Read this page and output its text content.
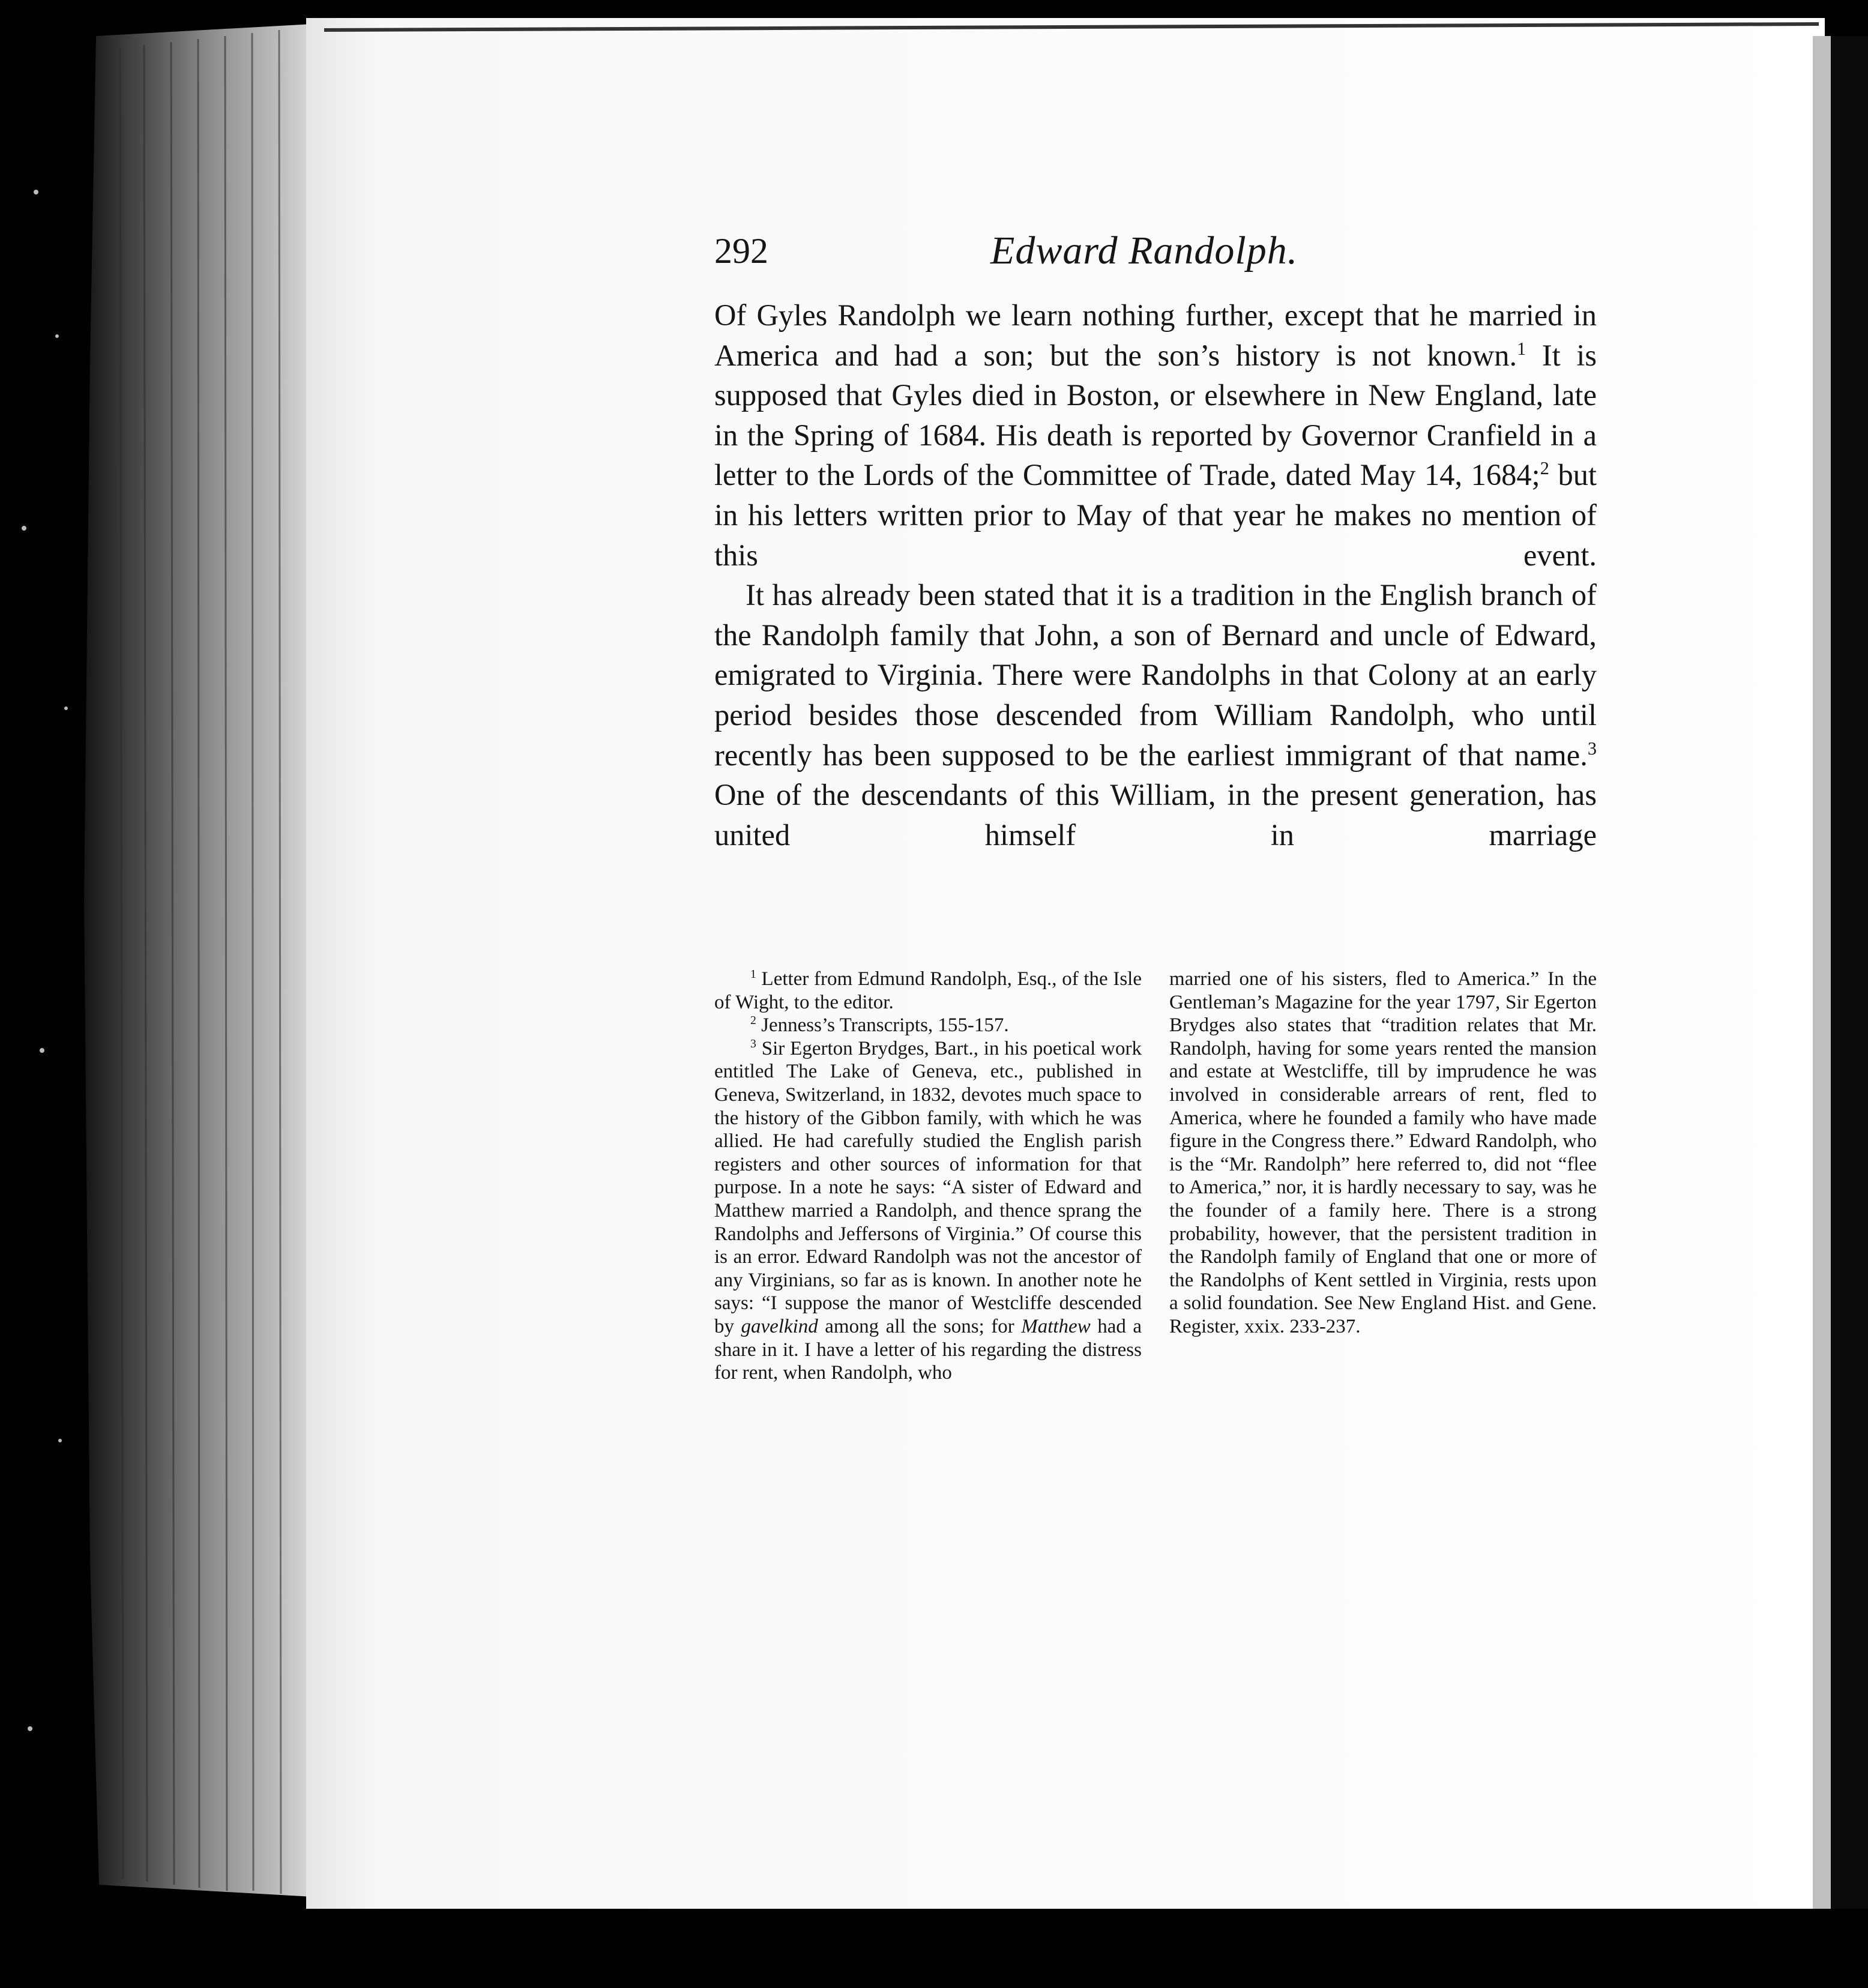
292	Edward Randolph.

Of Gyles Randolph we learn nothing further, except that he married in America and had a son; but the son’s history is not known.$^1$ It is supposed that Gyles died in Boston, or elsewhere in New England, late in the Spring of 1684. His death is reported by Governor Cranfield in a letter to the Lords of the Committee of Trade, dated May 14, 1684;$^2$ but in his letters written prior to May of that year he makes no mention of this event.

It has already been stated that it is a tradition in the English branch of the Randolph family that John, a son of Bernard and uncle of Edward, emigrated to Virginia. There were Randolphs in that Colony at an early period besides those descended from William Randolph, who until recently has been supposed to be the earliest immigrant of that name.$^3$ One of the descendants of this William, in the present generation, has united himself in marriage

$^1$ Letter from Edmund Randolph, Esq., of the Isle of Wight, to the editor.

$^2$ Jenness’s Transcripts, 155-157.

$^3$ Sir Egerton Brydges, Bart., in his poetical work entitled The Lake of Geneva, etc., published in Geneva, Switzerland, in 1832, devotes much space to the history of the Gibbon family, with which he was allied. He had carefully studied the English parish registers and other sources of information for that purpose. In a note he says: “A sister of Edward and Matthew married a Randolph, and thence sprang the Randolphs and Jeffersons of Virginia.” Of course this is an error. Edward Randolph was not the ancestor of any Virginians, so far as is known. In another note he says: “I suppose the manor of Westcliffe descended by gavelkind among all the sons; for Matthew had a share in it. I have a letter of his regarding the distress for rent, when Randolph, who

married one of his sisters, fled to America.” In the Gentleman’s Magazine for the year 1797, Sir Egerton Brydges also states that “tradition relates that Mr. Randolph, having for some years rented the mansion and estate at Westcliffe, till by imprudence he was involved in considerable arrears of rent, fled to America, where he founded a family who have made figure in the Congress there.” Edward Randolph, who is the “Mr. Randolph” here referred to, did not “flee to America,” nor, it is hardly necessary to say, was he the founder of a family here. There is a strong probability, however, that the persistent tradition in the Randolph family of England that one or more of the Randolphs of Kent settled in Virginia, rests upon a solid foundation. See New England Hist. and Gene. Register, xxix. 233-237.
